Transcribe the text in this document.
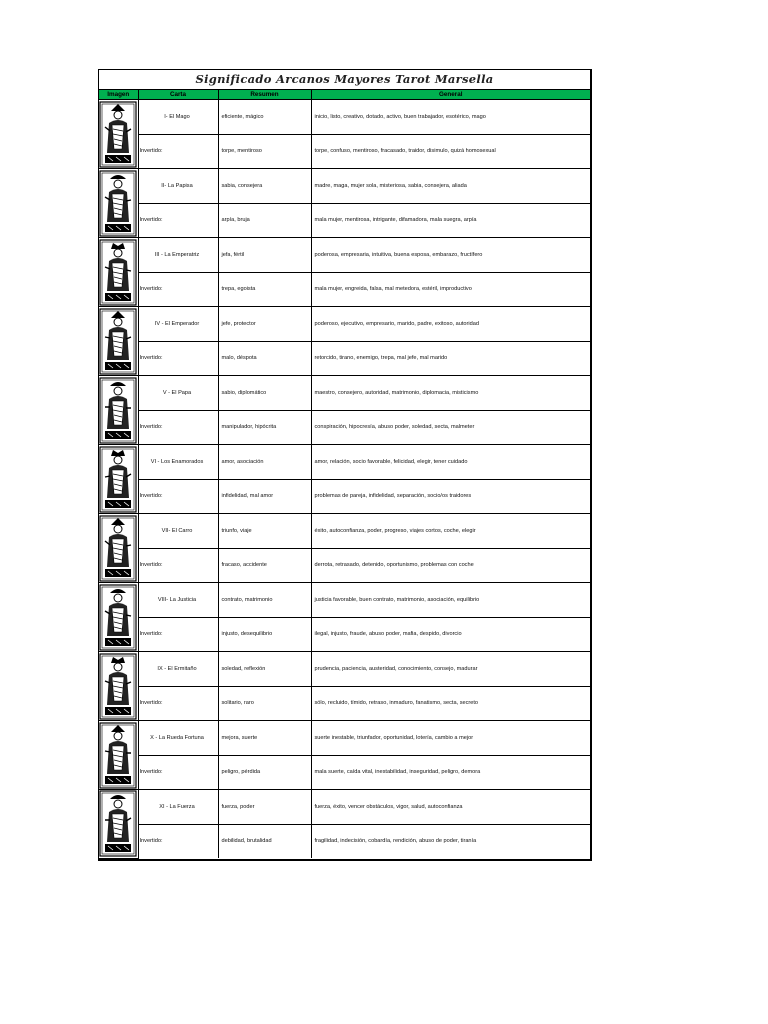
Significado Arcanos Mayores Tarot Marsella
Imagen	Carta	Resumen	General

I- El Mago	eficiente, mágico	inicio, listo, creativo, dotado, activo, buen trabajador, esotérico, mago

	Invertido:	torpe, mentiroso	torpe, confuso, mentiroso, fracasado, traidor, disimulo, quizá homosexual

II- La Papisa	sabia, consejera	madre, maga, mujer sola, misteriosa, sabia, consejera, aliada

	Invertido:	arpía, bruja	mala mujer, mentirosa, intrigante, difamadora, mala suegra, arpía

III - La Emperatriz	jefa, fértil	poderosa, empresaria, intuitiva, buena esposa, embarazo, fructífero

	Invertido:	trepa, egoista	mala mujer, engreida, falsa, mal metedora, estéril, improductivo

IV - El Emperador	jefe, protector	poderoso, ejecutivo, empresario, marido, padre, exitoso, autoridad

	Invertido:	malo, déspota	retorcido, tirano, enemigo, trepa, mal jefe, mal marido

V - El Papa	sabio, diplomático	maestro, consejero, autoridad, matrimonio, diplomacia, misticismo

	Invertido:	manipulador, hipócrita	conspiración, hipocresía, abuso poder, soledad, secta, malmeter

VI - Los Enamorados	amor, asociación	amor, relación, socio favorable, felicidad, elegir, tener cuidado

	Invertido:	infidelidad, mal amor	problemas de pareja, infidelidad, separación, socio/os traidores

VII- El Carro	triunfo, viaje	éxito, autoconfianza, poder, progreso, viajes cortos, coche, elegir

	Invertido:	fracaso, accidente	derrota, retrasado, detenido, oportunismo, problemas con coche

VIII- La Justicia	contrato, matrimonio	justicia favorable, buen contrato, matrimonio, asociación, equilibrio

	Invertido:	injusto, desequilibrio	ilegal, injusto, fraude, abuso poder, mafia, despido, divorcio

IX - El Ermitaño	soledad, reflexión	prudencia, paciencia, austeridad, conocimiento, consejo, madurar

	Invertido:	solitario, raro	sólo, recluido, tímido, retraso, inmaduro, fanatismo, secta, secreto

X - La Rueda Fortuna	mejora, suerte	suerte inestable, triunfador, oportunidad, lotería, cambio a mejor

	Invertido:	peligro, pérdida	mala suerte, caída vital, inestabilidad, inseguridad, peligro, demora

XI - La Fuerza	fuerza, poder	fuerza, éxito, vencer obstáculos, vigor, salud, autoconfianza

	Invertido:	debilidad, brutalidad	fragilidad, indecisión, cobardía, rendición, abuso de poder, tiranía
